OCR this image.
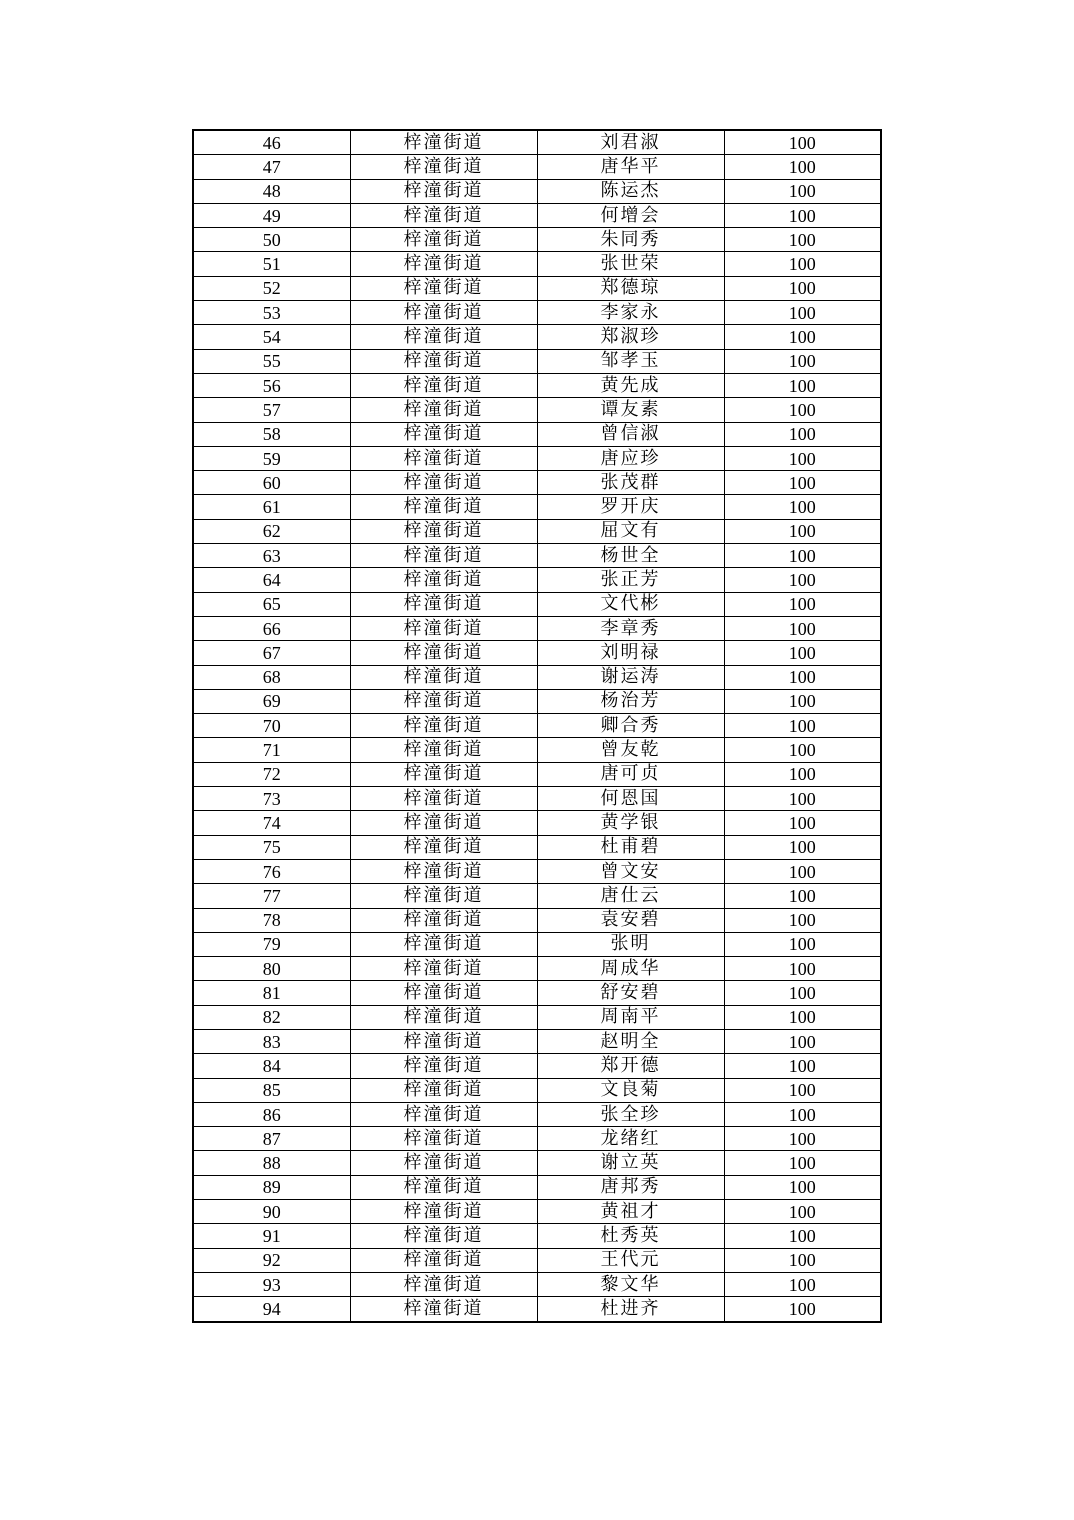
46	梓潼街道	刘君淑	100
47	梓潼街道	唐华平	100
48	梓潼街道	陈运杰	100
49	梓潼街道	何增会	100
50	梓潼街道	朱同秀	100
51	梓潼街道	张世荣	100
52	梓潼街道	郑德琼	100
53	梓潼街道	李家永	100
54	梓潼街道	郑淑珍	100
55	梓潼街道	邹孝玉	100
56	梓潼街道	黄先成	100
57	梓潼街道	谭友素	100
58	梓潼街道	曾信淑	100
59	梓潼街道	唐应珍	100
60	梓潼街道	张茂群	100
61	梓潼街道	罗开庆	100
62	梓潼街道	屈文有	100
63	梓潼街道	杨世全	100
64	梓潼街道	张正芳	100
65	梓潼街道	文代彬	100
66	梓潼街道	李章秀	100
67	梓潼街道	刘明禄	100
68	梓潼街道	谢运涛	100
69	梓潼街道	杨治芳	100
70	梓潼街道	卿合秀	100
71	梓潼街道	曾友乾	100
72	梓潼街道	唐可贞	100
73	梓潼街道	何恩国	100
74	梓潼街道	黄学银	100
75	梓潼街道	杜甫碧	100
76	梓潼街道	曾文安	100
77	梓潼街道	唐仕云	100
78	梓潼街道	袁安碧	100
79	梓潼街道	张明	100
80	梓潼街道	周成华	100
81	梓潼街道	舒安碧	100
82	梓潼街道	周南平	100
83	梓潼街道	赵明全	100
84	梓潼街道	郑开德	100
85	梓潼街道	文良菊	100
86	梓潼街道	张全珍	100
87	梓潼街道	龙绪红	100
88	梓潼街道	谢立英	100
89	梓潼街道	唐邦秀	100
90	梓潼街道	黄祖才	100
91	梓潼街道	杜秀英	100
92	梓潼街道	王代元	100
93	梓潼街道	黎文华	100
94	梓潼街道	杜进齐	100
